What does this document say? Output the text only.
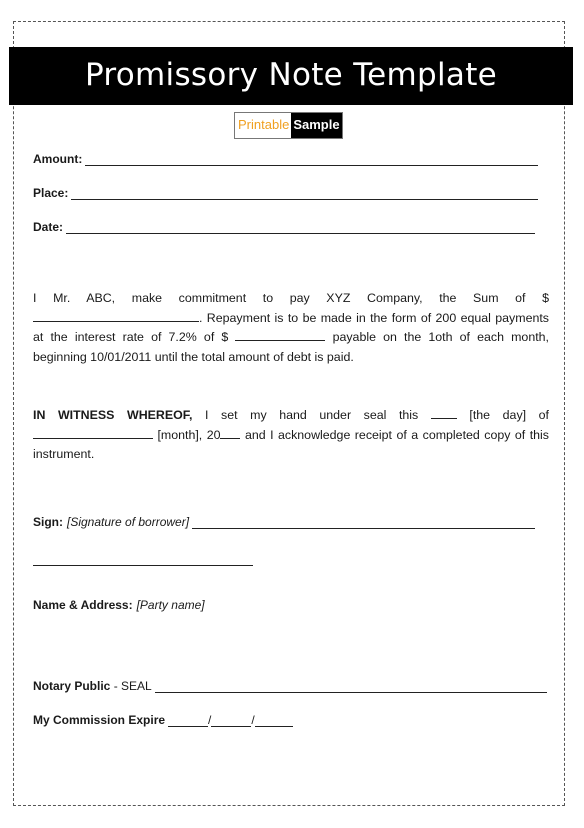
Promissory Note Template
Printable Sample
Amount:
Place:
Date:
I Mr. ABC, make commitment to pay XYZ Company, the Sum of $ . Repayment is to be made in the form of 200 equal payments at the interest rate of 7.2% of $	payable on the 1oth of each month, beginning 10/01/2011 until the total amount of debt is paid.
IN WITNESS WHEREOF, I set my hand under seal this  [the day] of  [month], 20 and I acknowledge receipt of a completed copy of this instrument.
Sign: [Signature of borrower]
Name & Address: [Party name]
Notary Public - SEAL
My Commission Expire	/	/
